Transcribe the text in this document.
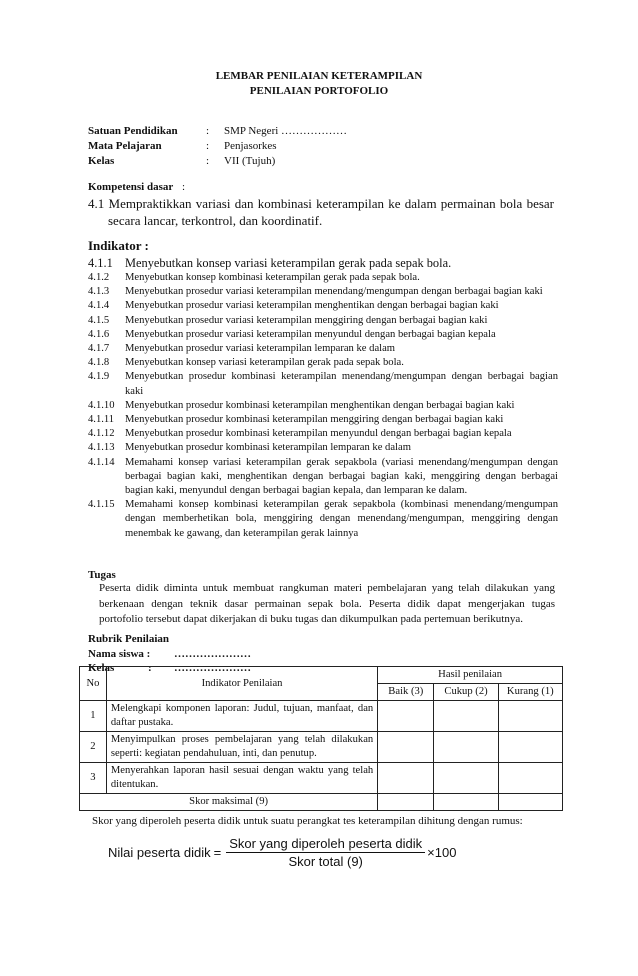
LEMBAR PENILAIAN KETERAMPILAN
PENILAIAN PORTOFOLIO
Satuan Pendidikan	: SMP Negeri ………………
Mata Pelajaran	: Penjasorkes
Kelas	: VII (Tujuh)
Kompetensi dasar :
4.1 Mempraktikkan variasi dan kombinasi keterampilan ke dalam permainan bola besar
secara lancar, terkontrol, dan koordinatif.
Indikator :
4.1.1 Menyebutkan konsep variasi keterampilan gerak pada sepak bola.
4.1.2	Menyebutkan konsep kombinasi keterampilan gerak pada sepak bola.
4.1.3	Menyebutkan prosedur variasi keterampilan menendang/mengumpan dengan berbagai bagian kaki
4.1.4	Menyebutkan prosedur variasi keterampilan menghentikan dengan berbagai bagian kaki
4.1.5	Menyebutkan prosedur variasi keterampilan menggiring dengan berbagai bagian kaki
4.1.6	Menyebutkan prosedur variasi keterampilan menyundul dengan berbagai bagian kepala
4.1.7	Menyebutkan prosedur variasi keterampilan lemparan ke dalam
4.1.8	Menyebutkan konsep variasi keterampilan gerak pada sepak bola.
4.1.9	Menyebutkan prosedur kombinasi keterampilan menendang/mengumpan dengan berbagai bagian kaki
4.1.10 Menyebutkan prosedur kombinasi keterampilan menghentikan dengan berbagai bagian kaki
4.1.11	Menyebutkan prosedur kombinasi keterampilan menggiring dengan berbagai bagian kaki
4.1.12 Menyebutkan prosedur kombinasi keterampilan menyundul dengan berbagai bagian kepala
4.1.13 Menyebutkan prosedur kombinasi keterampilan lemparan ke dalam
4.1.14 Memahami konsep variasi keterampilan gerak sepakbola (variasi menendang/mengumpan dengan berbagai bagian kaki, menghentikan dengan berbagai bagian kaki, menggiring dengan berbagai bagian kaki, menyundul dengan berbagai bagian kepala, dan lemparan ke dalam.
4.1.15 Memahami konsep kombinasi keterampilan gerak sepakbola (kombinasi menendang/mengumpan dengan memberhetikan bola, menggiring dengan menendang/mengumpan, menggiring dengan menembak ke gawang, dan keterampilan gerak lainnya
Tugas
Peserta didik diminta untuk membuat rangkuman materi pembelajaran yang telah dilakukan yang berkenaan dengan teknik dasar permainan sepak bola. Peserta didik dapat mengerjakan tugas portofolio tersebut dapat dikerjakan di buku tugas dan dikumpulkan pada pertemuan berikutnya.
Rubrik Penilaian
Nama siswa : …………………
Kelas	: …………………
No	Indikator Penilaian	Hasil penilaian		
		Baik (3)	Cukup (2)	Kurang (1)
1	Melengkapi komponen laporan: Judul, tujuan, manfaat, dan daftar pustaka.			
2	Menyimpulkan proses pembelajaran yang telah dilakukan seperti: kegiatan pendahuluan, inti, dan penutup.			
3	Menyerahkan laporan hasil sesuai dengan waktu yang telah ditentukan.			
Skor maksimal (9)				
Skor yang diperoleh peserta didik untuk suatu perangkat tes keterampilan dihitung dengan rumus:
Nilai peserta didik = $\frac{\text{Skor yang diperoleh peserta didik}}{\text{Skor total (9)}} \times 100$
